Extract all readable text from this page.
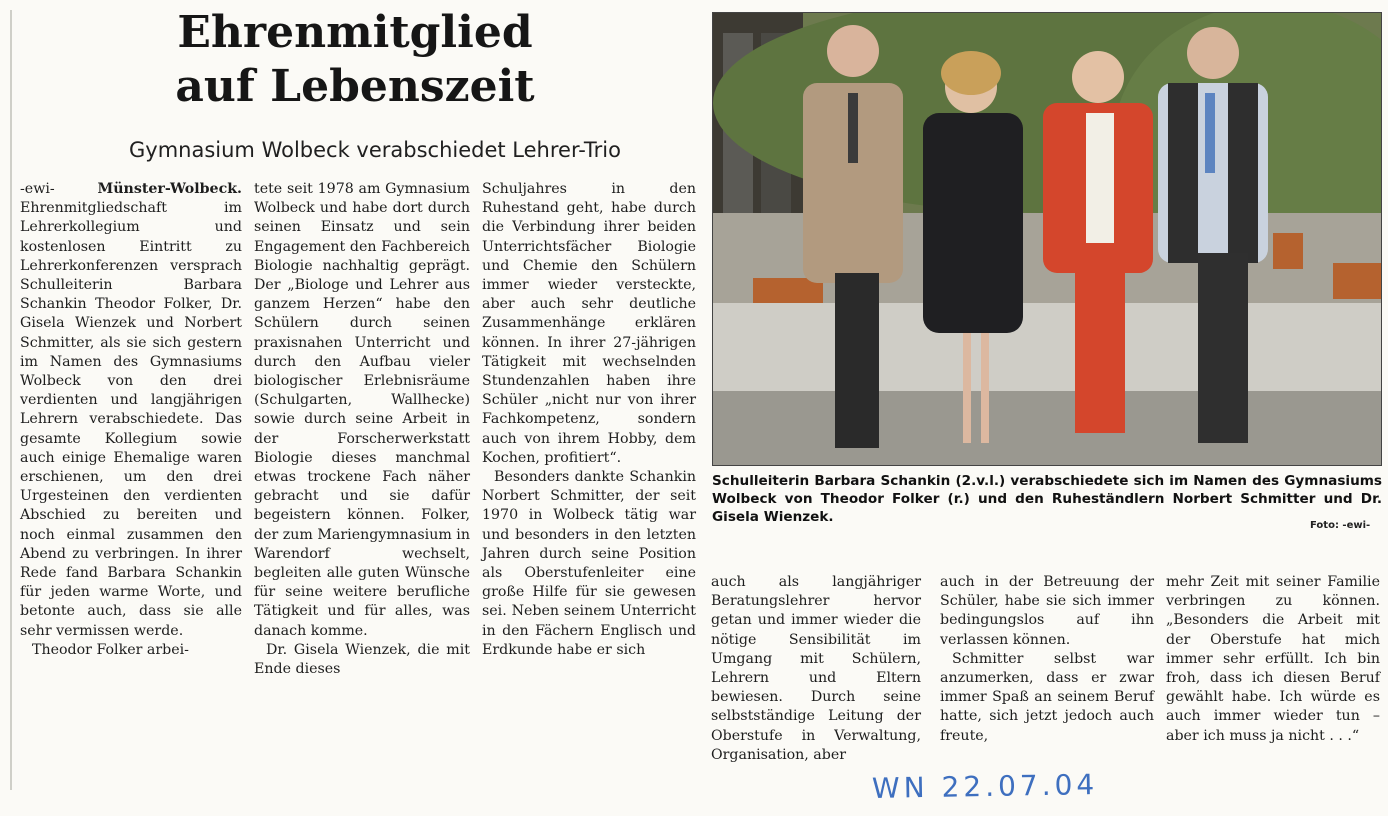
Ehrenmitglied
auf Lebenszeit
Gymnasium Wolbeck verabschiedet Lehrer-Trio

-ewi-	Münster-Wolbeck. Ehrenmitgliedschaft im Lehrerkollegium und kostenlosen Eintritt zu Lehrerkonferenzen versprach Schulleiterin Barbara Schankin Theodor Folker, Dr. Gisela Wienzek und Norbert Schmitter, als sie sich gestern im Namen des Gymnasiums Wolbeck von den drei verdienten und langjährigen Lehrern verabschiedete. Das gesamte Kollegium sowie auch einige Ehemalige waren erschienen, um den drei Urgesteinen den verdienten Abschied zu bereiten und noch einmal zusammen den Abend zu verbringen. In ihrer Rede fand Barbara Schankin für jeden warme Worte, und betonte auch, dass sie alle sehr vermissen werde.

Theodor Folker arbei-

tete seit 1978 am Gymnasium Wolbeck und habe dort durch seinen Einsatz und sein Engagement den Fachbereich Biologie nachhaltig geprägt. Der „Biologe und Lehrer aus ganzem Herzen“ habe den Schülern durch seinen praxisnahen Unterricht und durch den Aufbau vieler biologischer Erlebnisräume (Schulgarten, Wallhecke) sowie durch seine Arbeit in der Forscherwerkstatt Biologie dieses manchmal etwas trockene Fach näher gebracht und sie dafür begeistern können. Folker, der zum Mariengymnasium in Warendorf wechselt, begleiten alle guten Wünsche für seine weitere berufliche Tätigkeit und für alles, was danach komme.

Dr. Gisela Wienzek, die mit Ende dieses

Schuljahres in den Ruhestand geht, habe durch die Verbindung ihrer beiden Unterrichtsfächer Biologie und Chemie den Schülern immer wieder versteckte, aber auch sehr deutliche Zusammenhänge erklären können. In ihrer 27-jährigen Tätigkeit mit wechselnden Stundenzahlen haben ihre Schüler „nicht nur von ihrer Fachkompetenz, sondern auch von ihrem Hobby, dem Kochen, profitiert“.

Besonders dankte Schankin Norbert Schmitter, der seit 1970 in Wolbeck tätig war und besonders in den letzten Jahren durch seine Position als Oberstufenleiter eine große Hilfe für sie gewesen sei. Neben seinem Unterricht in den Fächern Englisch und Erdkunde habe er sich

Schulleiterin Barbara Schankin (2.v.l.) verabschiedete sich im Namen des Gymnasiums Wolbeck von Theodor Folker (r.) und den Ruheständlern Norbert Schmitter und Dr. Gisela Wienzek.
Foto: -ewi-

auch als langjähriger Beratungslehrer hervor getan und immer wieder die nötige Sensibilität im Umgang mit Schülern, Lehrern und Eltern bewiesen. Durch seine selbstständige Leitung der Oberstufe in Verwaltung, Organisation, aber

auch in der Betreuung der Schüler, habe sie sich immer bedingungslos auf ihn verlassen können.

Schmitter selbst war anzumerken, dass er zwar immer Spaß an seinem Beruf hatte, sich jetzt jedoch auch freute,

mehr Zeit mit seiner Familie verbringen zu können. „Besonders die Arbeit mit der Oberstufe hat mich immer sehr erfüllt. Ich bin froh, dass ich diesen Beruf gewählt habe. Ich würde es auch immer wieder tun – aber ich muss ja nicht . . .“

WN 22.07.04
